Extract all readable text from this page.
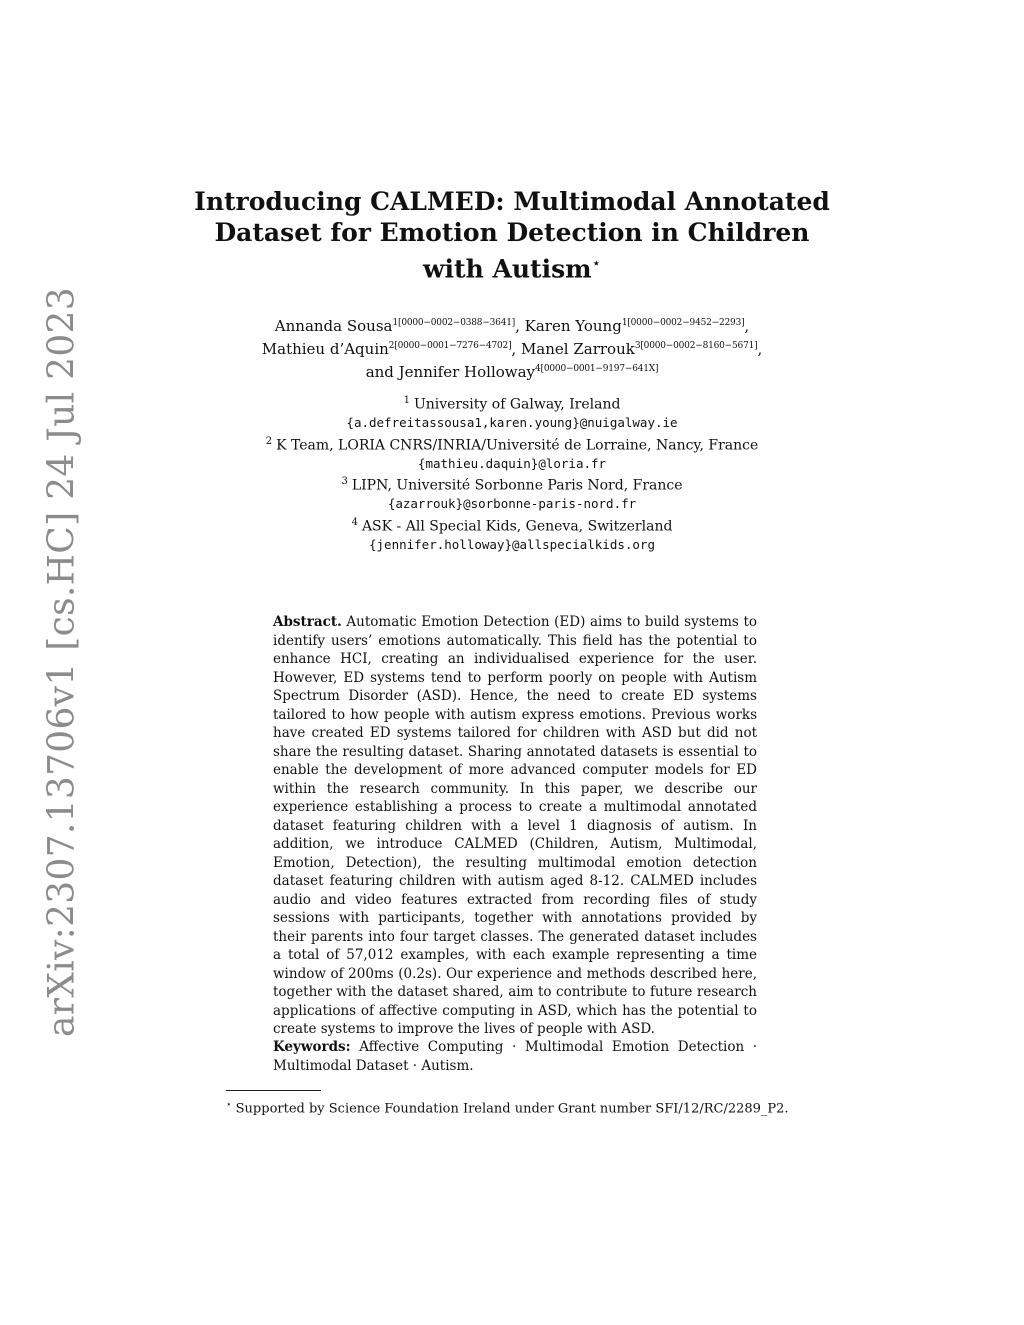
arXiv:2307.13706v1 [cs.HC] 24 Jul 2023
Introducing CALMED: Multimodal Annotated Dataset for Emotion Detection in Children with Autism⋆
Annanda Sousa$^{1[0000-0002-0388-3641]}$, Karen Young$^{1[0000-0002-9452-2293]}$,
Mathieu d’Aquin$^{2[0000-0001-7276-4702]}$, Manel Zarrouk$^{3[0000-0002-8160-5671]}$,
and Jennifer Holloway$^{4[0000-0001-9197-641X]}$
$^1$ University of Galway, Ireland
{a.defreitassousa1,karen.young}@nuigalway.ie
$^2$ K Team, LORIA CNRS/INRIA/Université de Lorraine, Nancy, France
{mathieu.daquin}@loria.fr
$^3$ LIPN, Université Sorbonne Paris Nord, France
{azarrouk}@sorbonne-paris-nord.fr
$^4$ ASK - All Special Kids, Geneva, Switzerland
{jennifer.holloway}@allspecialkids.org
Abstract. Automatic Emotion Detection (ED) aims to build systems to identify users’ emotions automatically. This field has the potential to enhance HCI, creating an individualised experience for the user. However, ED systems tend to perform poorly on people with Autism Spectrum Disorder (ASD). Hence, the need to create ED systems tailored to how people with autism express emotions. Previous works have created ED systems tailored for children with ASD but did not share the resulting dataset. Sharing annotated datasets is essential to enable the development of more advanced computer models for ED within the research community. In this paper, we describe our experience establishing a process to create a multimodal annotated dataset featuring children with a level 1 diagnosis of autism. In addition, we introduce CALMED (Children, Autism, Multimodal, Emotion, Detection), the resulting multimodal emotion detection dataset featuring children with autism aged 8-12. CALMED includes audio and video features extracted from recording files of study sessions with participants, together with annotations provided by their parents into four target classes. The generated dataset includes a total of 57,012 examples, with each example representing a time window of 200ms (0.2s). Our experience and methods described here, together with the dataset shared, aim to contribute to future research applications of affective computing in ASD, which has the potential to create systems to improve the lives of people with ASD.
Keywords: Affective Computing · Multimodal Emotion Detection · Multimodal Dataset · Autism.
⋆ Supported by Science Foundation Ireland under Grant number SFI/12/RC/2289_P2.
